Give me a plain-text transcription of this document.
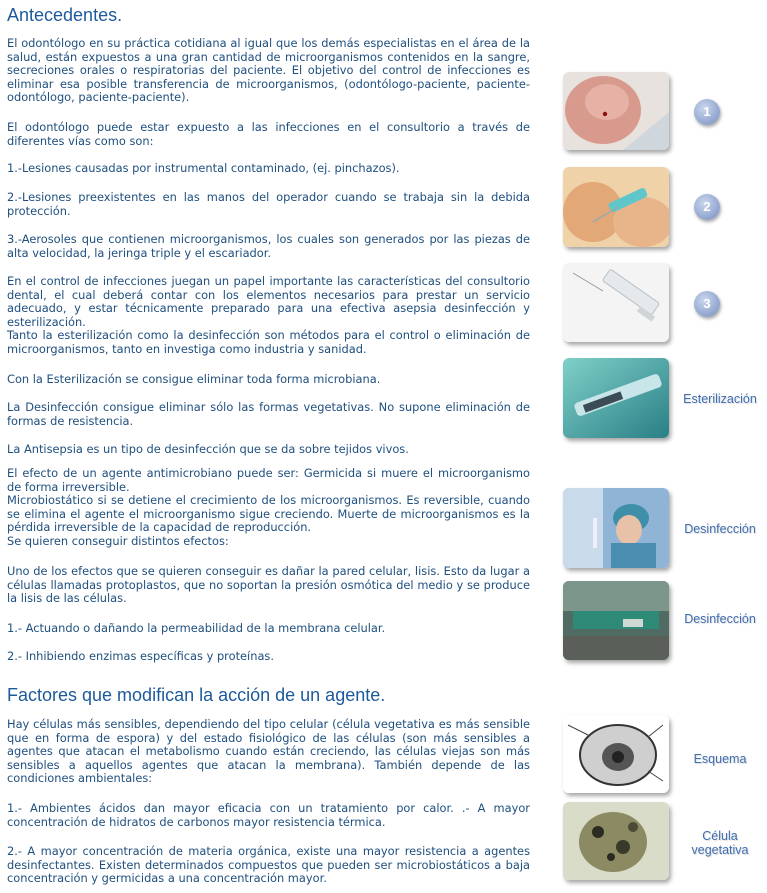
Antecedentes.

El odontólogo en su práctica cotidiana al igual que los demás especialistas en el área de la salud, están expuestos a una gran cantidad de microorganismos contenidos en la sangre, secreciones orales o respiratorias del paciente. El objetivo del control de infecciones es eliminar esa posible transferencia de microorganismos, (odontólogo-paciente, paciente-odontólogo, paciente-paciente).

El odontólogo puede estar expuesto a las infecciones en el consultorio a través de diferentes vías como son:

1.-Lesiones causadas por instrumental contaminado, (ej. pinchazos).

2.-Lesiones preexistentes en las manos del operador cuando se trabaja sin la debida protección.

3.-Aerosoles que contienen microorganismos, los cuales son generados por las piezas de alta velocidad, la jeringa triple y el escariador.

En el control de infecciones juegan un papel importante las características del consultorio dental, el cual deberá contar con los elementos necesarios para prestar un servicio adecuado, y estar técnicamente preparado para una efectiva asepsia desinfección y esterilización.
Tanto la esterilización como la desinfección son métodos para el control o eliminación de microorganismos, tanto en investiga como industria y sanidad.

Con la Esterilización se consigue eliminar toda forma microbiana.

La Desinfección consigue eliminar sólo las formas vegetativas. No supone eliminación de formas de resistencia.

La Antisepsia es un tipo de desinfección que se da sobre tejidos vivos.

El efecto de un agente antimicrobiano puede ser: Germicida si muere el microorganismo de forma irreversible.
Microbiostático si se detiene el crecimiento de los microorganismos. Es reversible, cuando se elimina el agente el microorganismo sigue creciendo. Muerte de microorganismos es la pérdida irreversible de la capacidad de reproducción.
Se quieren conseguir distintos efectos:

Uno de los efectos que se quieren conseguir es dañar la pared celular, lisis. Esto da lugar a células llamadas protoplastos, que no soportan la presión osmótica del medio y se produce la lisis de las células.

1.- Actuando o dañando la permeabilidad de la membrana celular.

2.- Inhibiendo enzimas específicas y proteínas.

Factores que modifican la acción de un agente.

Hay células más sensibles, dependiendo del tipo celular (célula vegetativa es más sensible que en forma de espora) y del estado fisiológico de las células (son más sensibles a agentes que atacan el metabolismo cuando están creciendo, las células viejas son más sensibles a aquellos agentes que atacan la membrana). También depende de las condiciones ambientales:

1.- Ambientes ácidos dan mayor eficacia con un tratamiento por calor. .- A mayor concentración de hidratos de carbonos mayor resistencia térmica.

2.- A mayor concentración de materia orgánica, existe una mayor resistencia a agentes desinfectantes. Existen determinados compuestos que pueden ser microbiostáticos a baja concentración y germicidas a una concentración mayor.

1
2
3
Esterilización
Desinfección
Desinfección
Esquema
Célula
vegetativa
